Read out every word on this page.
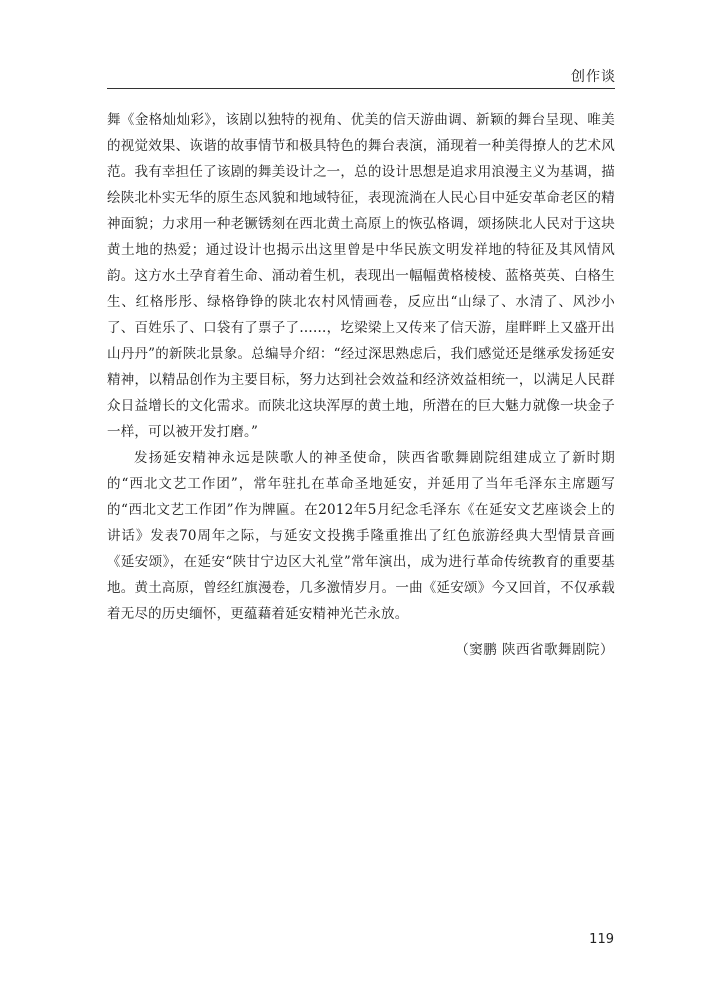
创作谈

舞《金格灿灿彩》，该剧以独特的视角、优美的信天游曲调、新颖的舞台呈现、唯美的视觉效果、诙谐的故事情节和极具特色的舞台表演，涌现着一种美得撩人的艺术风范。我有幸担任了该剧的舞美设计之一，总的设计思想是追求用浪漫主义为基调，描绘陕北朴实无华的原生态风貌和地域特征，表现流淌在人民心目中延安革命老区的精神面貌；力求用一种老镢锈刻在西北黄土高原上的恢弘格调，颂扬陕北人民对于这块黄土地的热爱；通过设计也揭示出这里曾是中华民族文明发祥地的特征及其风情风韵。这方水土孕育着生命、涌动着生机，表现出一幅幅黄格棱棱、蓝格英英、白格生生、红格彤彤、绿格铮铮的陕北农村风情画卷，反应出“山绿了、水清了、风沙小了、百姓乐了、口袋有了票子了……，圪梁梁上又传来了信天游，崖畔畔上又盛开出山丹丹”的新陕北景象。总编导介绍：“经过深思熟虑后，我们感觉还是继承发扬延安精神，以精品创作为主要目标，努力达到社会效益和经济效益相统一，以满足人民群众日益增长的文化需求。而陕北这块浑厚的黄土地，所潜在的巨大魅力就像一块金子一样，可以被开发打磨。”

发扬延安精神永远是陕歌人的神圣使命，陕西省歌舞剧院组建成立了新时期的“西北文艺工作团”，常年驻扎在革命圣地延安，并延用了当年毛泽东主席题写的“西北文艺工作团”作为牌匾。在2012年5月纪念毛泽东《在延安文艺座谈会上的讲话》发表70周年之际，与延安文投携手隆重推出了红色旅游经典大型情景音画《延安颂》，在延安“陕甘宁边区大礼堂”常年演出，成为进行革命传统教育的重要基地。黄土高原，曾经红旗漫卷，几多激情岁月。一曲《延安颂》今又回首，不仅承载着无尽的历史缅怀，更蕴藉着延安精神光芒永放。

（窦鹏 陕西省歌舞剧院）
119
